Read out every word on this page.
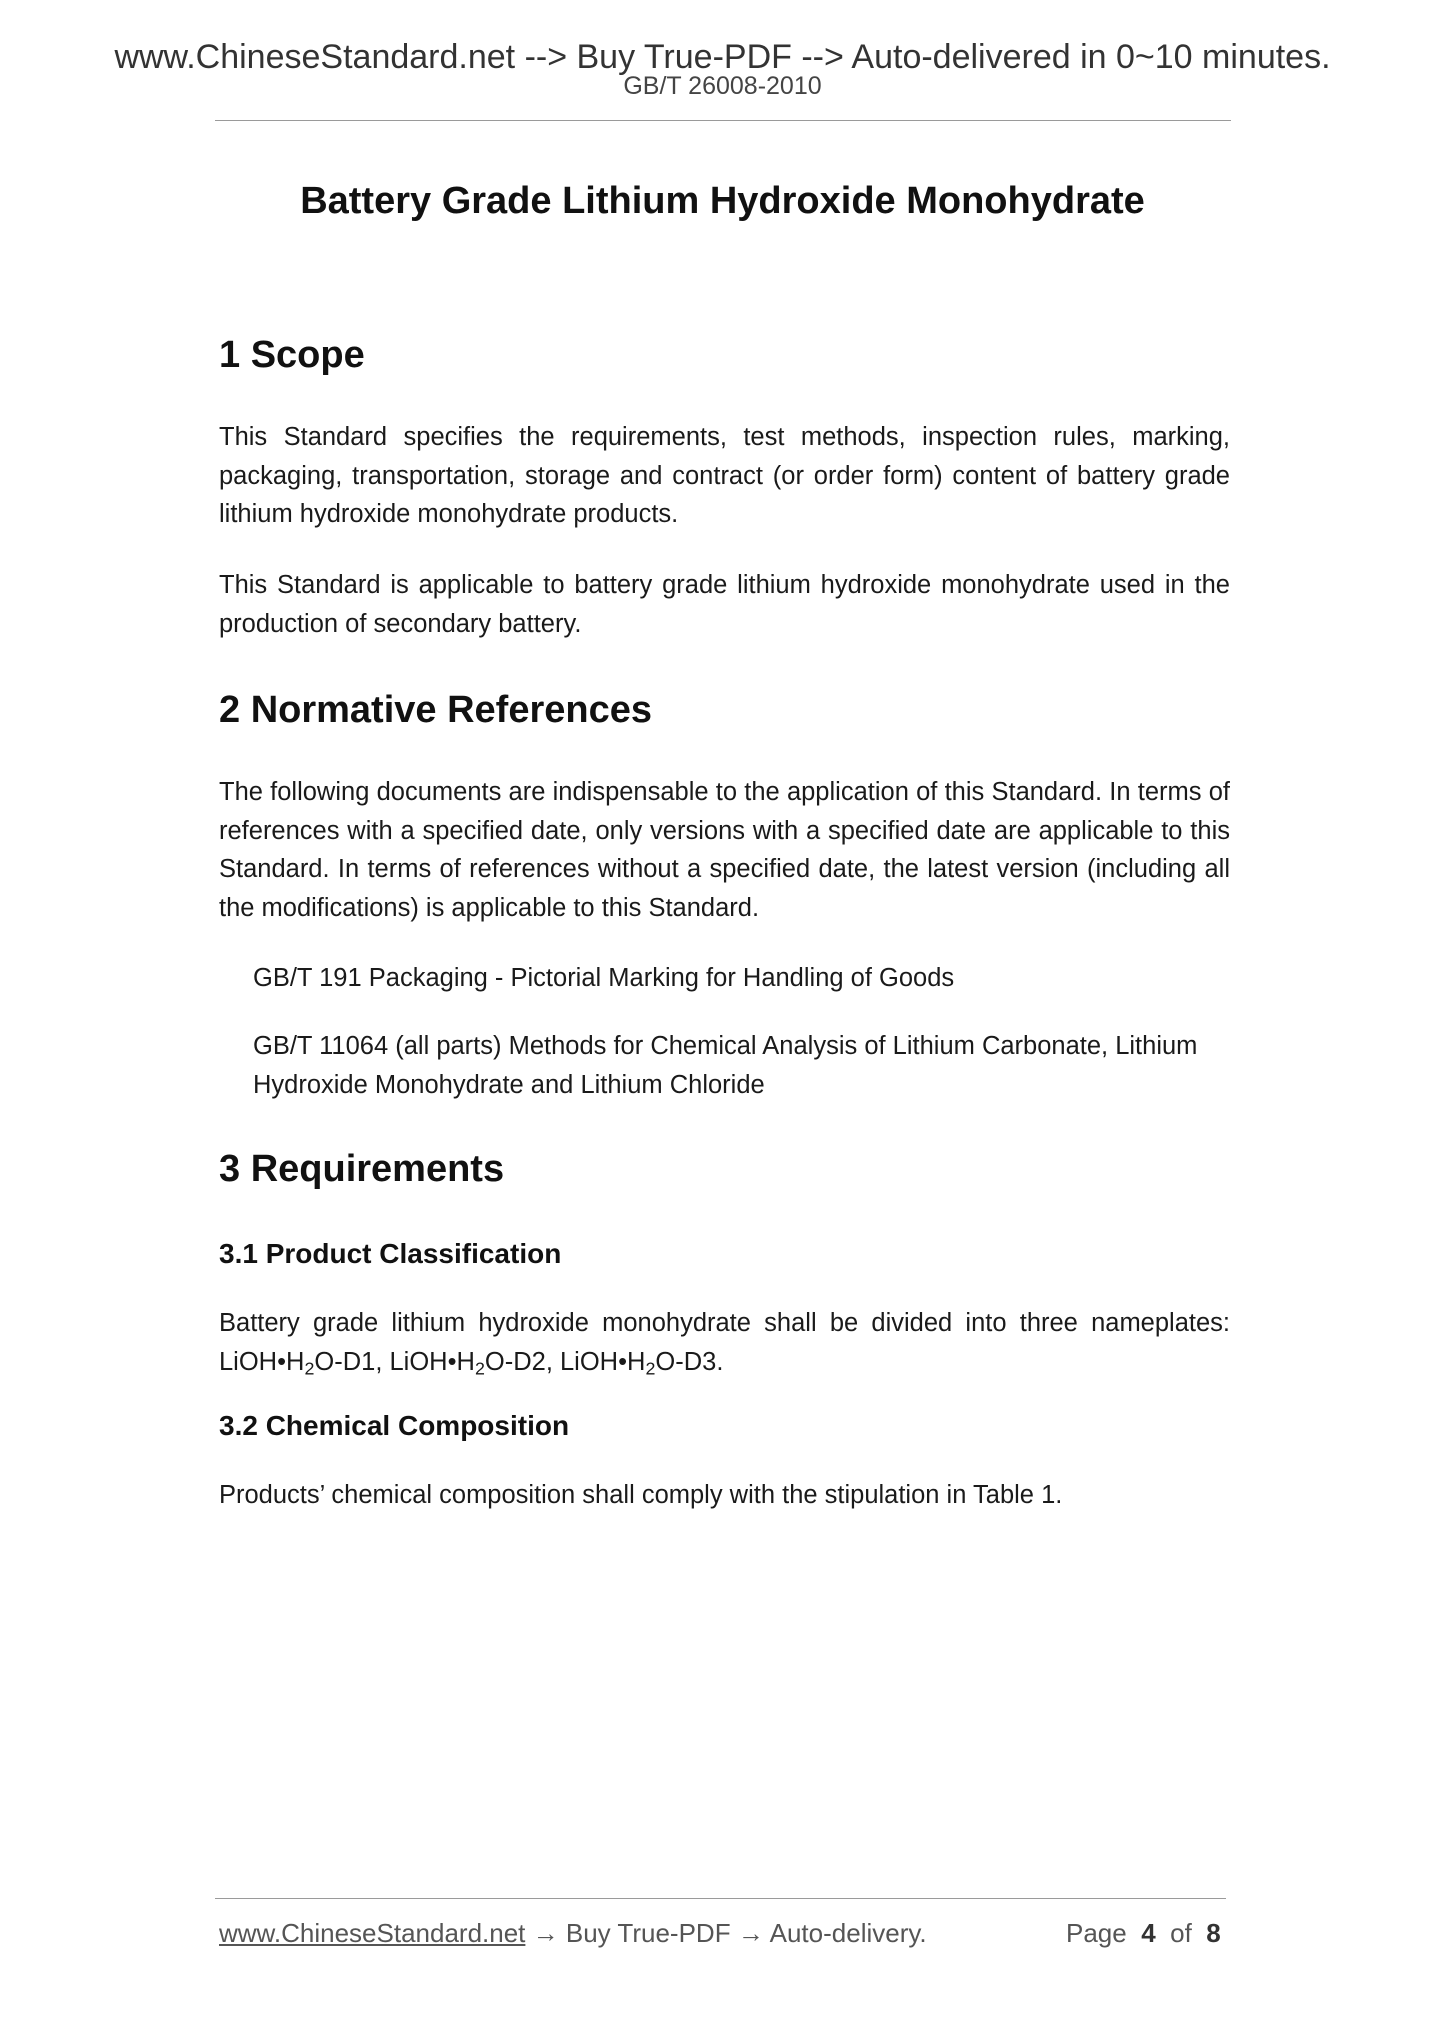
www.ChineseStandard.net --> Buy True-PDF --> Auto-delivered in 0~10 minutes.
GB/T 26008-2010
Battery Grade Lithium Hydroxide Monohydrate
1 Scope
This Standard specifies the requirements, test methods, inspection rules, marking, packaging, transportation, storage and contract (or order form) content of battery grade lithium hydroxide monohydrate products.
This Standard is applicable to battery grade lithium hydroxide monohydrate used in the production of secondary battery.
2 Normative References
The following documents are indispensable to the application of this Standard. In terms of references with a specified date, only versions with a specified date are applicable to this Standard. In terms of references without a specified date, the latest version (including all the modifications) is applicable to this Standard.
GB/T 191 Packaging - Pictorial Marking for Handling of Goods
GB/T 11064 (all parts) Methods for Chemical Analysis of Lithium Carbonate, Lithium Hydroxide Monohydrate and Lithium Chloride
3 Requirements
3.1 Product Classification
Battery grade lithium hydroxide monohydrate shall be divided into three nameplates: $LiOH•H_2O-D1$, $LiOH•H_2O-D2$, $LiOH•H_2O-D3$.
3.2 Chemical Composition
Products’ chemical composition shall comply with the stipulation in Table 1.
www.ChineseStandard.net → Buy True-PDF → Auto-delivery.	Page 4 of 8
